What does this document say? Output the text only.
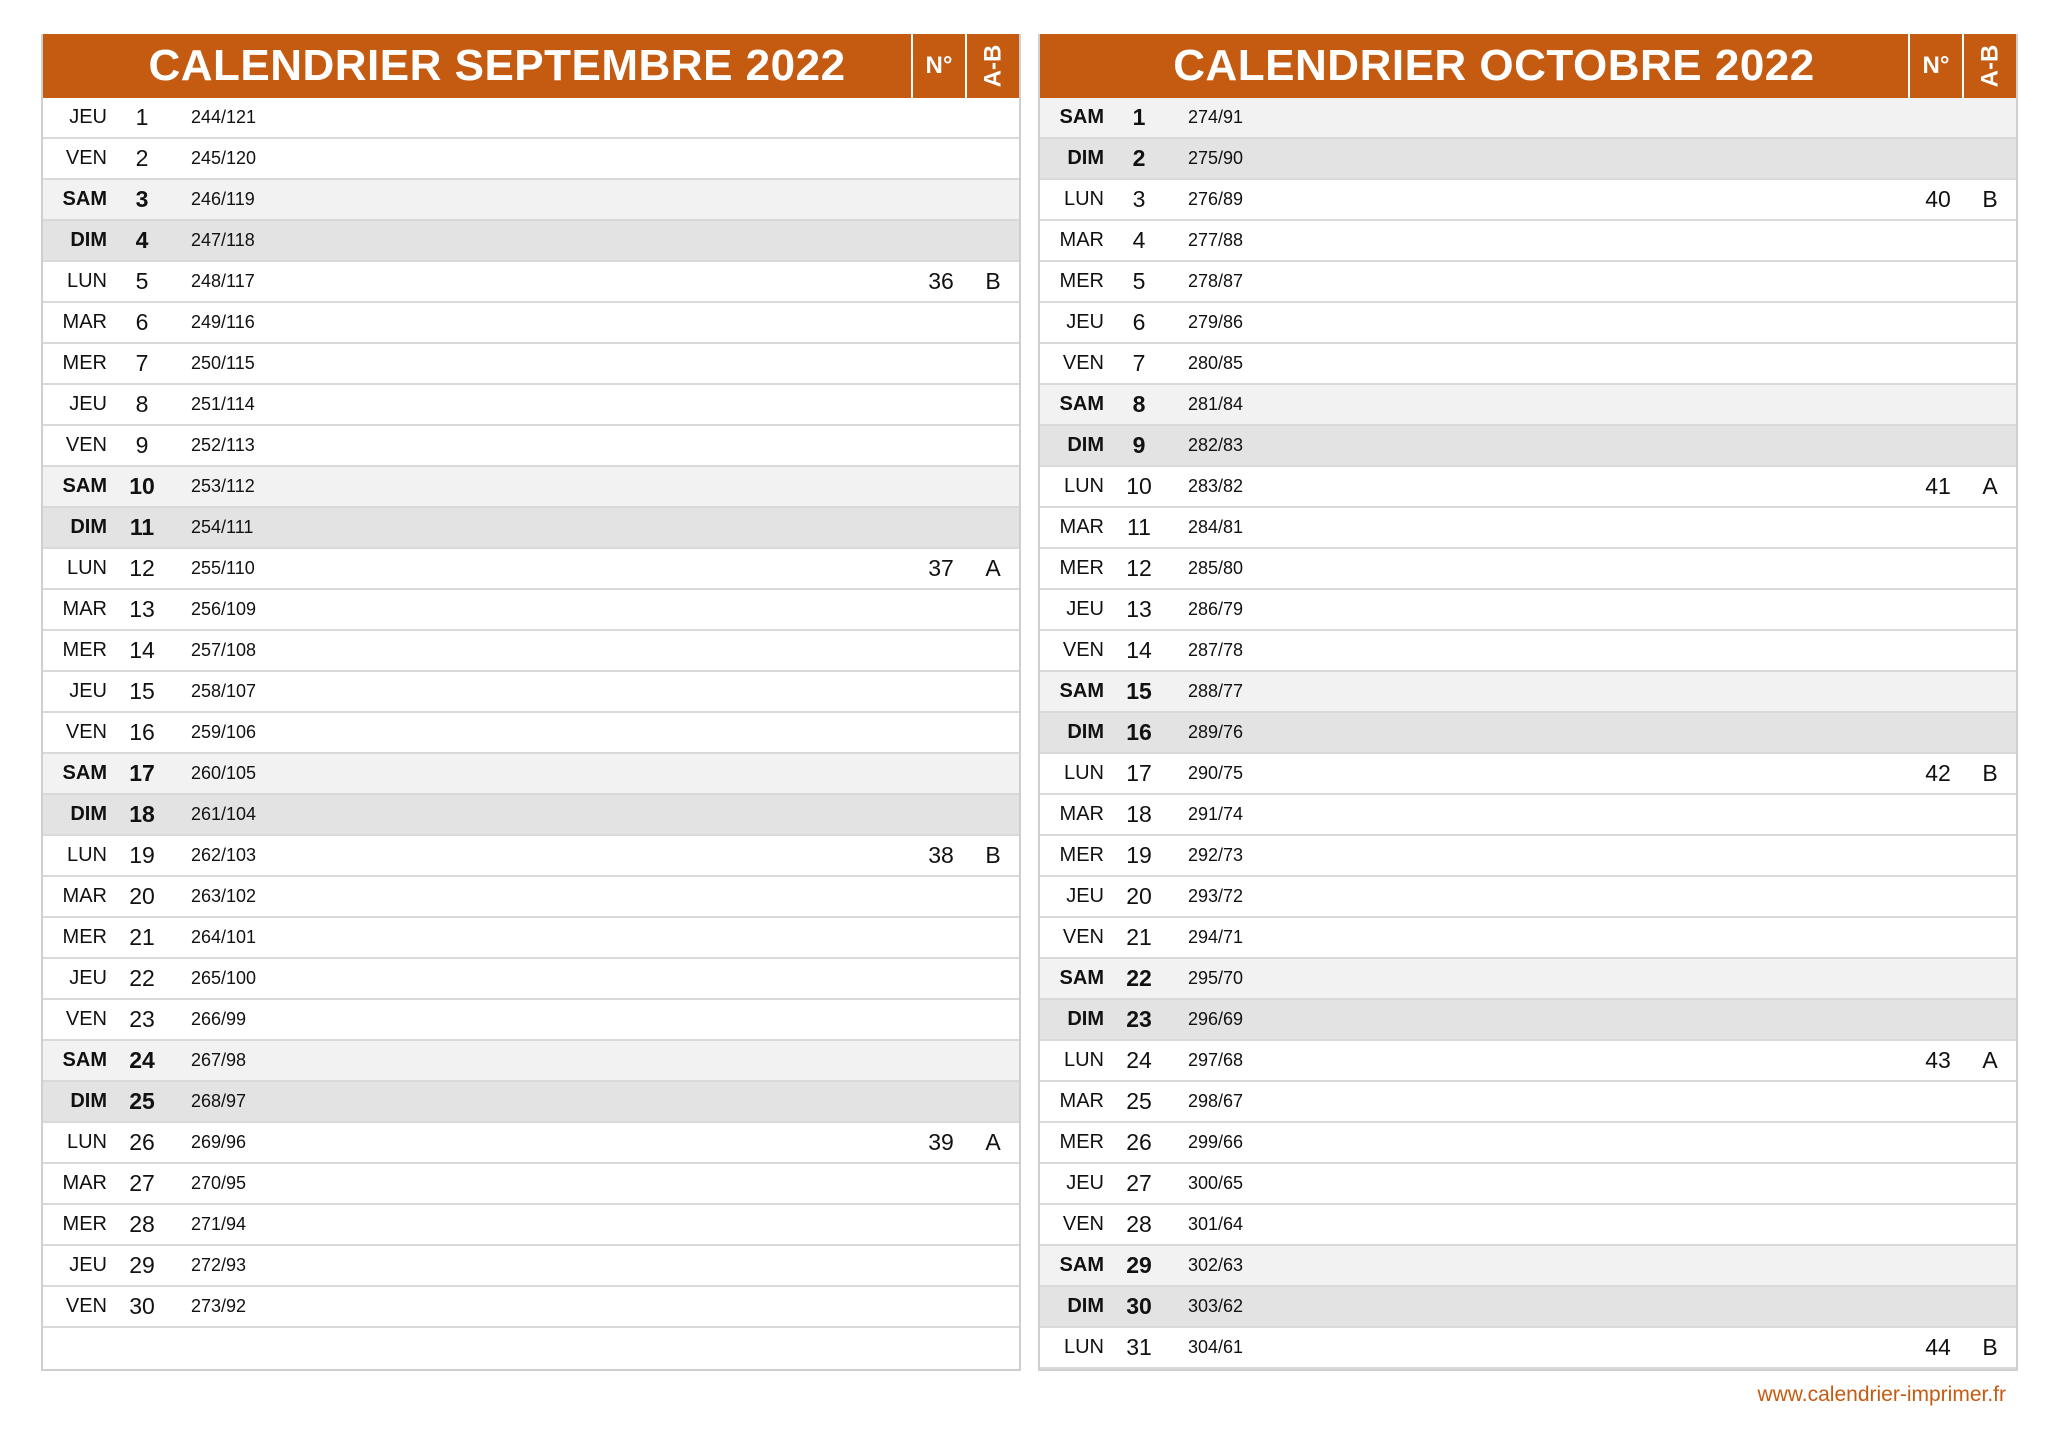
CALENDRIER SEPTEMBRE 2022	N°	A-B
JEU	1	244/121
VEN	2	245/120
SAM	3	246/119
DIM	4	247/118
LUN	5	248/117	36	B
MAR	6	249/116
MER	7	250/115
JEU	8	251/114
VEN	9	252/113
SAM 10	253/112
DIM 11	254/111
LUN 12	255/110	37	A
MAR 13	256/109
MER 14	257/108
JEU 15	258/107
VEN 16	259/106
SAM 17	260/105
DIM 18	261/104
LUN 19	262/103	38	B
MAR 20	263/102
MER 21	264/101
JEU 22	265/100
VEN 23	266/99
SAM 24	267/98
DIM 25	268/97
LUN 26	269/96	39	A
MAR 27	270/95
MER 28	271/94
JEU 29	272/93
VEN 30	273/92
CALENDRIER OCTOBRE 2022	N°	A-B
SAM	1	274/91
DIM	2	275/90
LUN	3	276/89	40	B
MAR	4	277/88
MER	5	278/87
JEU	6	279/86
VEN	7	280/85
SAM	8	281/84
DIM	9	282/83
LUN 10	283/82	41	A
MAR	11	284/81
MER 12	285/80
JEU 13	286/79
VEN 14	287/78
SAM 15	288/77
DIM 16	289/76
LUN 17	290/75	42	B
MAR 18	291/74
MER 19	292/73
JEU 20	293/72
VEN 21	294/71
SAM 22	295/70
DIM 23	296/69
LUN 24	297/68	43	A
MAR 25	298/67
MER 26	299/66
JEU 27	300/65
VEN 28	301/64
SAM 29	302/63
DIM 30	303/62
LUN 31	304/61	44	B
www.calendrier-imprimer.fr
